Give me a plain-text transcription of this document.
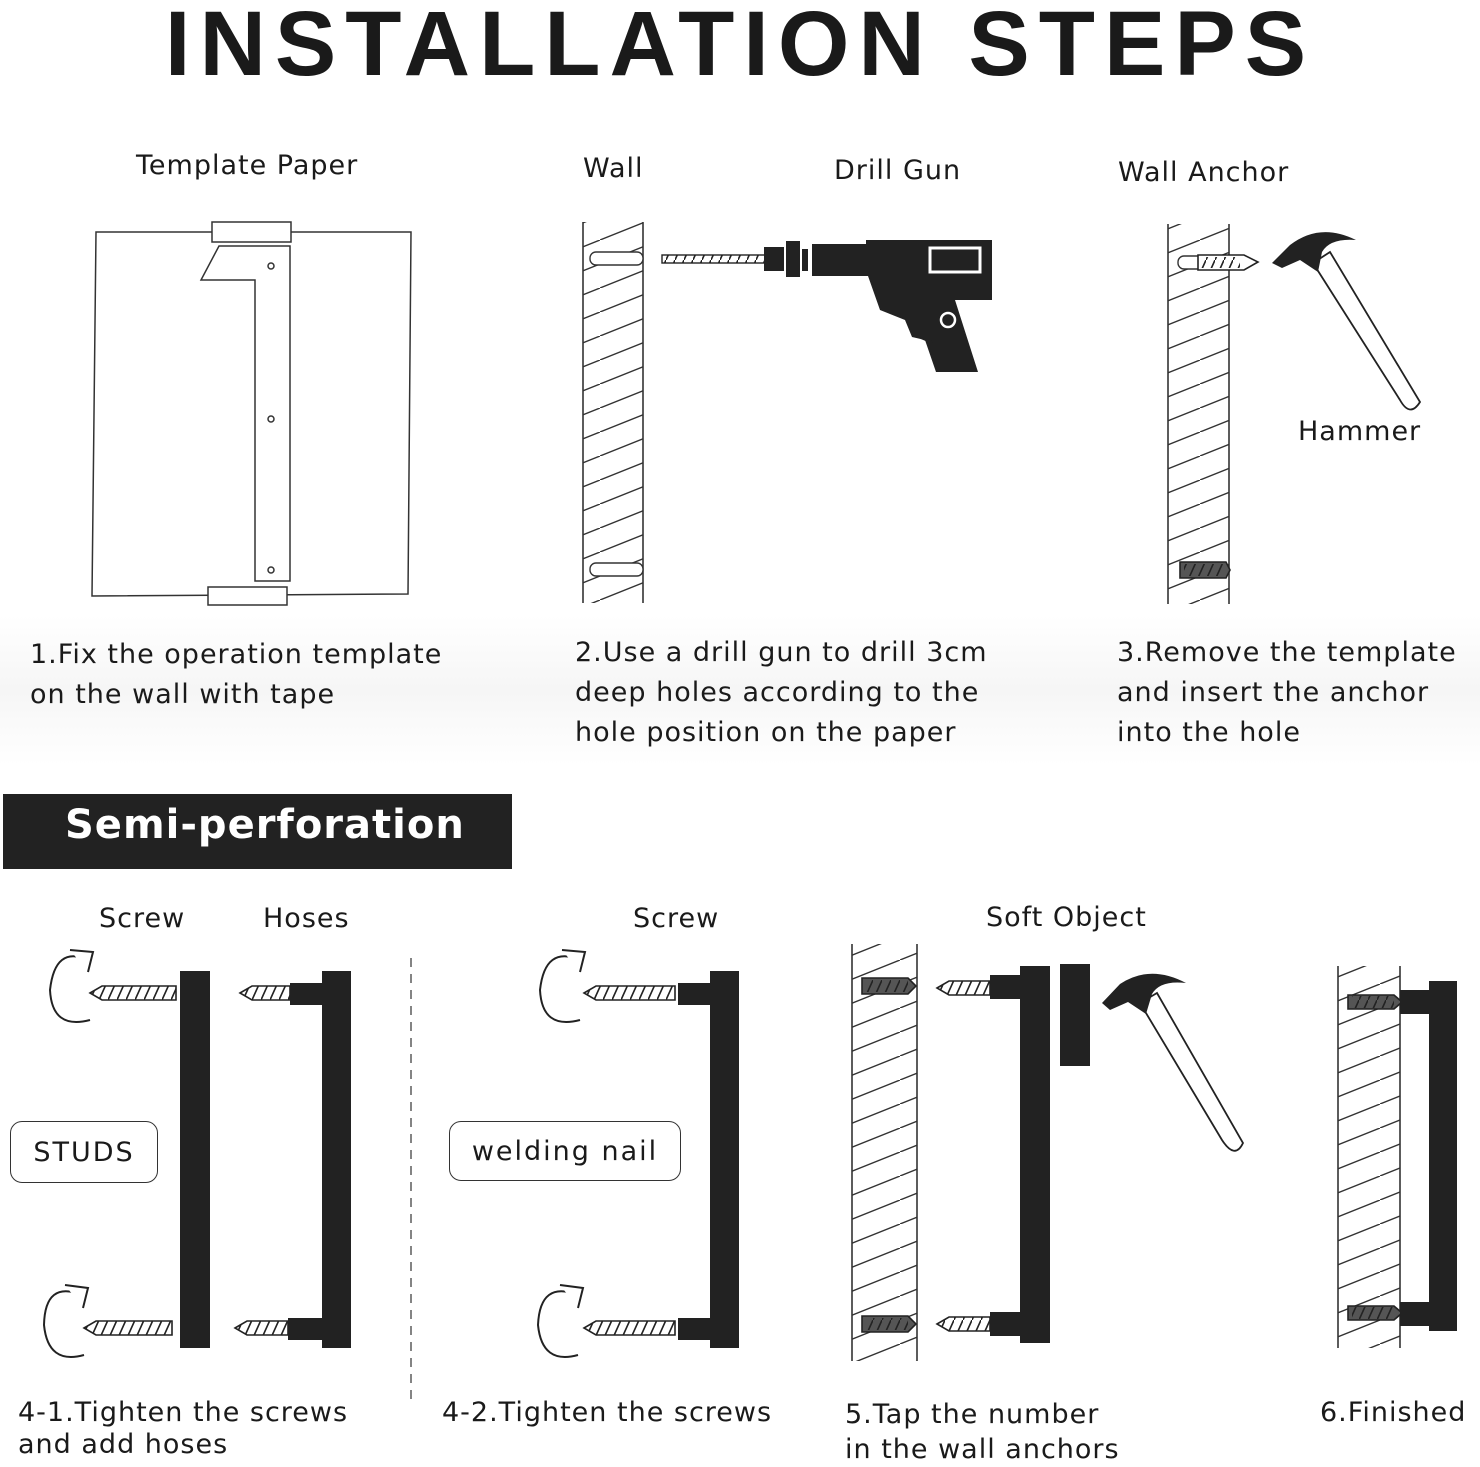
INSTALLATION STEPS
Template Paper	Wall	Drill Gun	Wall Anchor
Hammer
1.Fix the operation template
on the wall with tape
2.Use a drill gun to drill 3cm
deep holes according to the
hole position on the paper
3.Remove the template
and insert the anchor
into the hole
Semi-perforation
Screw	Hoses	Screw	Soft Object
STUDS	welding nail
4-1.Tighten the screws
and add hoses
4-2.Tighten the screws	5.Tap the number
in the wall anchors
6.Finished
